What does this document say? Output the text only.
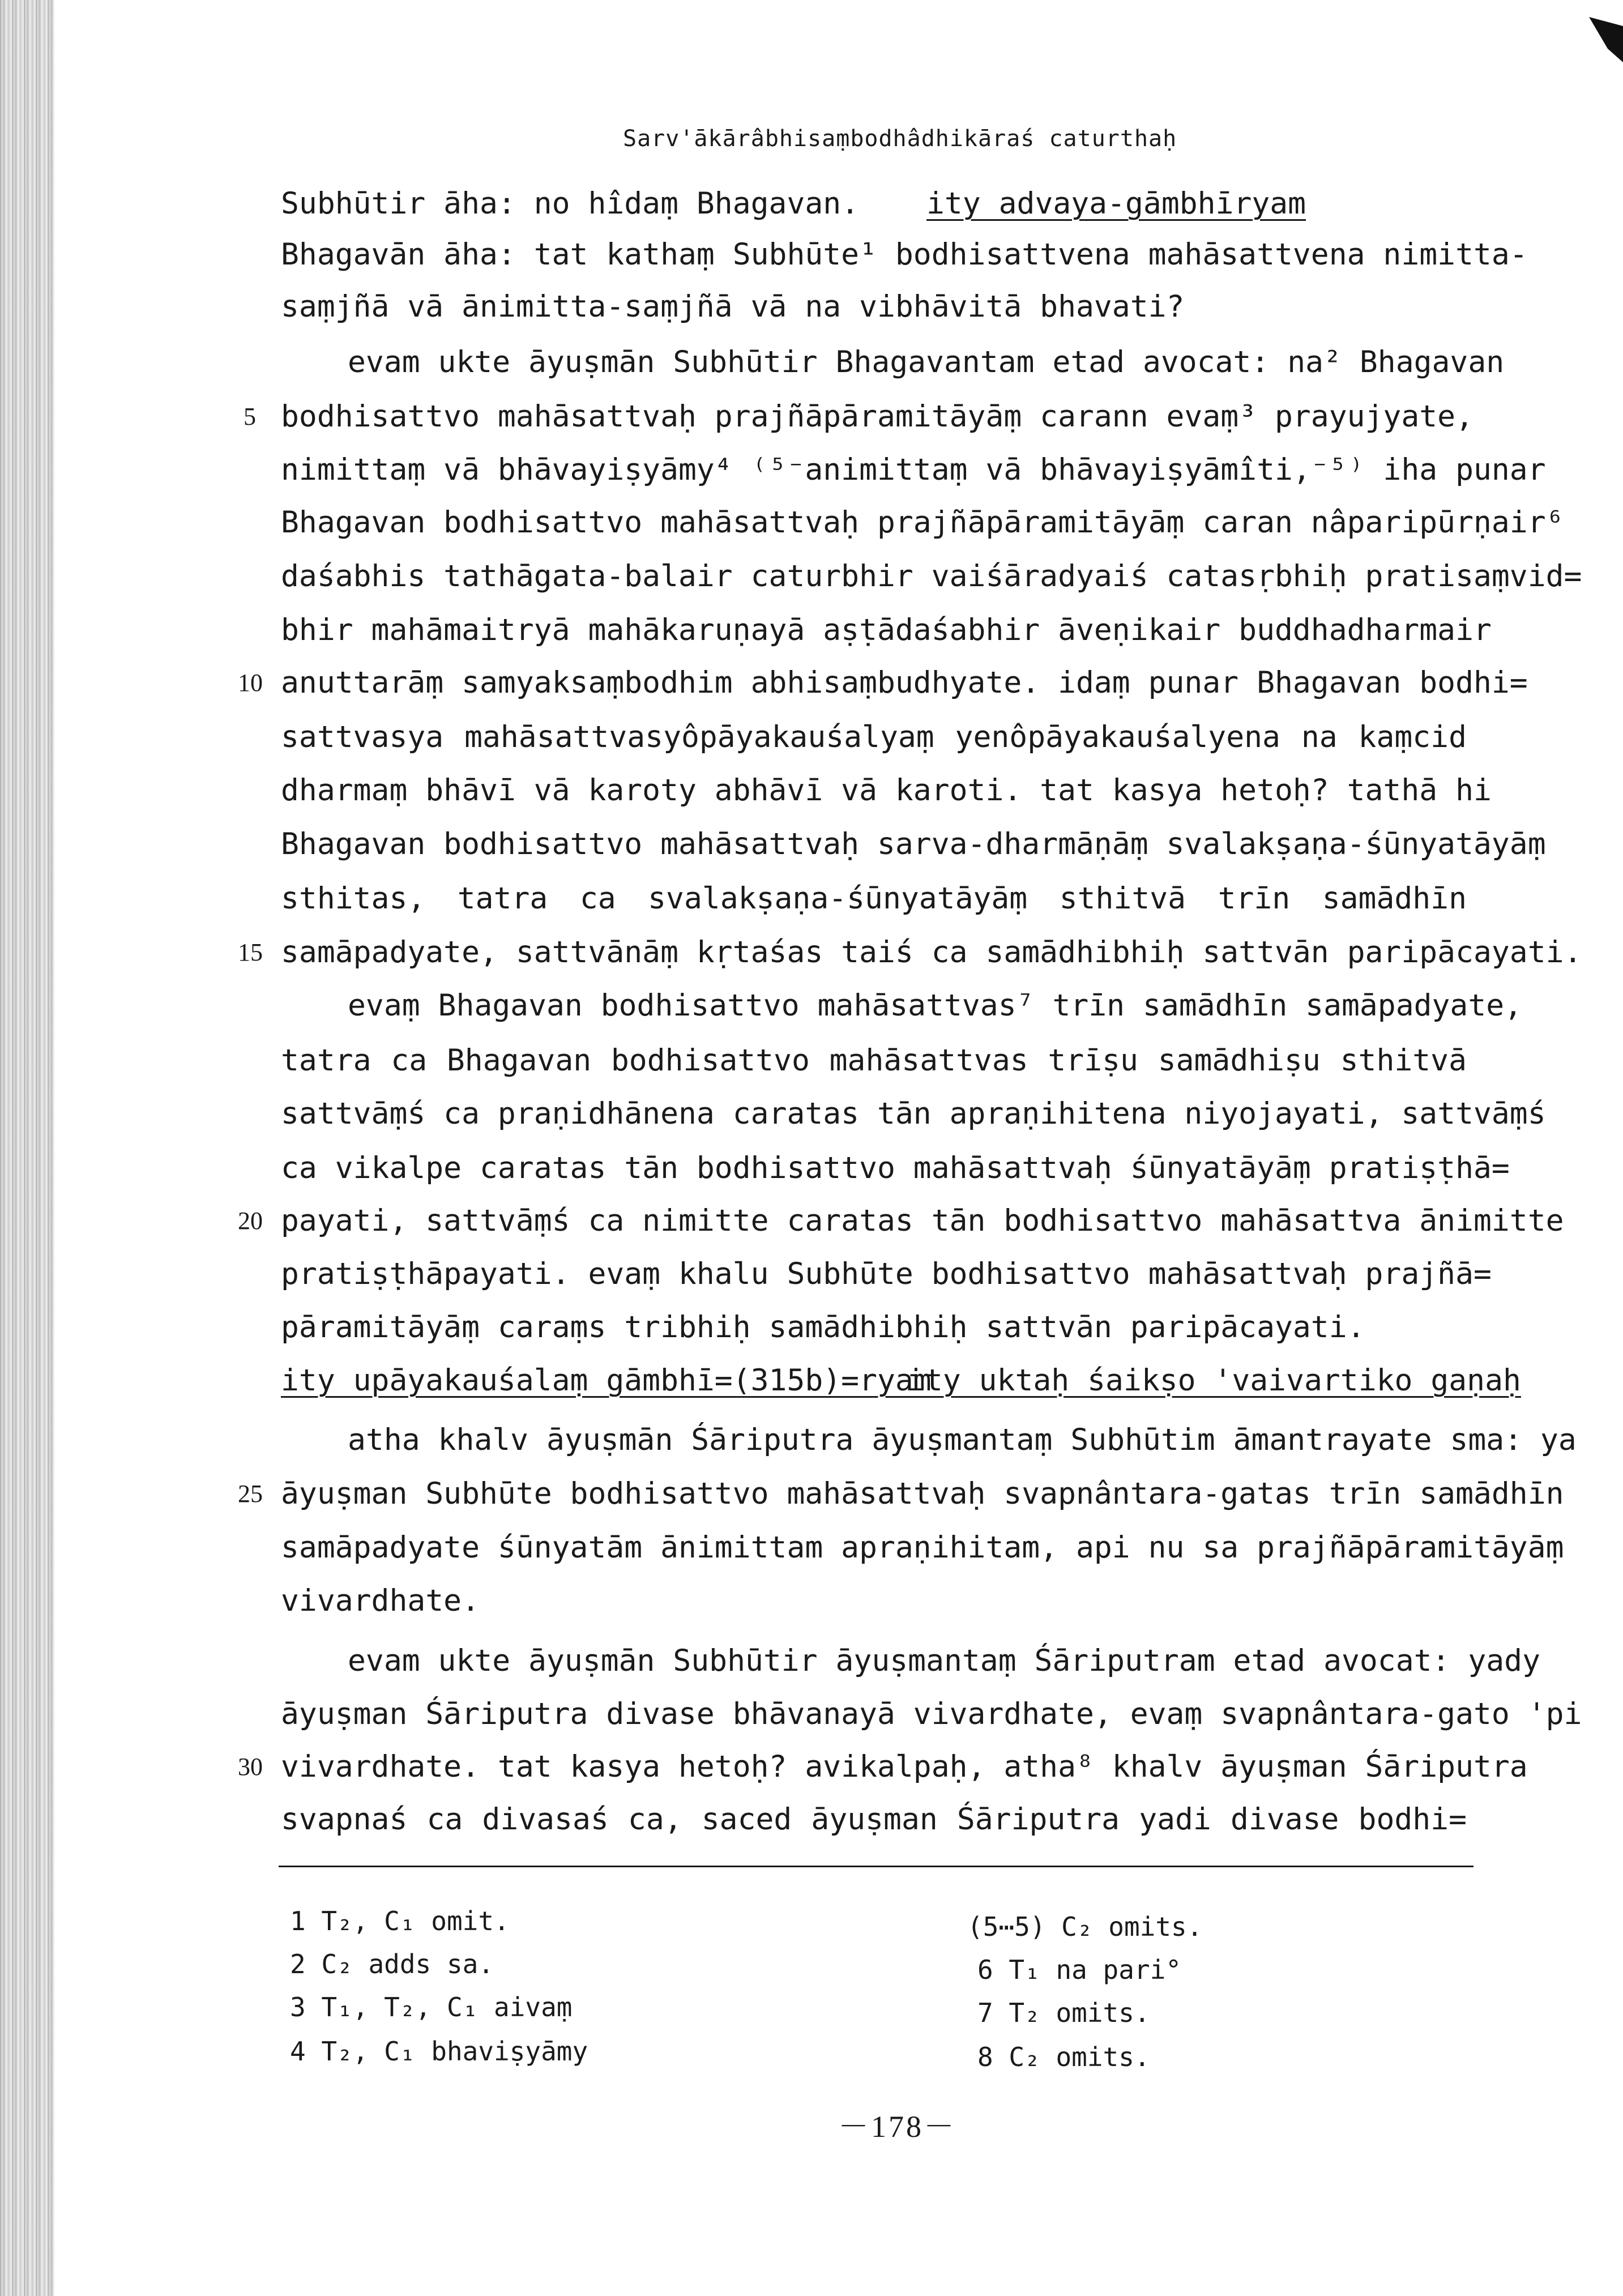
Sarv'ākārâbhisaṃbodhâdhikāraś caturthaḥ
Subhūtir āha: no hîdaṃ Bhagavan. ity advaya-gāmbhīryam
Bhagavān āha: tat kathaṃ Subhūte¹ bodhisattvena mahāsattvena nimitta-
saṃjñā vā ānimitta-saṃjñā vā na vibhāvitā bhavati?
evam ukte āyuṣmān Subhūtir Bhagavantam etad avocat: na² Bhagavan
bodhisattvo mahāsattvaḥ prajñāpāramitāyāṃ carann evaṃ³ prayujyate,
nimittaṃ vā bhāvayiṣyāmy⁴ ⁽⁵⁻animittaṃ vā bhāvayiṣyāmîti,⁻⁵⁾ iha punar
Bhagavan bodhisattvo mahāsattvaḥ prajñāpāramitāyāṃ caran nâparipūrṇair⁶
daśabhis tathāgata-balair caturbhir vaiśāradyaiś catasṛbhiḥ pratisaṃvid=
bhir mahāmaitryā mahākaruṇayā aṣṭādaśabhir āveṇikair buddhadharmair
anuttarāṃ samyaksaṃbodhim abhisaṃbudhyate. idaṃ punar Bhagavan bodhi=
sattvasya mahāsattvasyôpāyakauśalyaṃ yenôpāyakauśalyena na kaṃcid
dharmaṃ bhāvī vā karoty abhāvī vā karoti. tat kasya hetoḥ? tathā hi
Bhagavan bodhisattvo mahāsattvaḥ sarva-dharmāṇāṃ svalakṣaṇa-śūnyatāyāṃ
sthitas, tatra ca svalakṣaṇa-śūnyatāyāṃ sthitvā trīn samādhīn
samāpadyate, sattvānāṃ kṛtaśas taiś ca samādhibhiḥ sattvān paripācayati.
evaṃ Bhagavan bodhisattvo mahāsattvas⁷ trīn samādhīn samāpadyate,
tatra ca Bhagavan bodhisattvo mahāsattvas trīṣu samādhiṣu sthitvā
sattvāṃś ca praṇidhānena caratas tān apraṇihitena niyojayati, sattvāṃś
ca vikalpe caratas tān bodhisattvo mahāsattvaḥ śūnyatāyāṃ pratiṣṭhā=
payati, sattvāṃś ca nimitte caratas tān bodhisattvo mahāsattva ānimitte
pratiṣṭhāpayati. evaṃ khalu Subhūte bodhisattvo mahāsattvaḥ prajñā=
pāramitāyāṃ caraṃs tribhiḥ samādhibhiḥ sattvān paripācayati.
ity upāyakauśalaṃ gāmbhī=(315b)=ryam
ity uktaḥ śaikṣo 'vaivartiko gaṇaḥ
atha khalv āyuṣmān Śāriputra āyuṣmantaṃ Subhūtim āmantrayate sma: ya
āyuṣman Subhūte bodhisattvo mahāsattvaḥ svapnântara-gatas trīn samādhīn
samāpadyate śūnyatām ānimittam apraṇihitam, api nu sa prajñāpāramitāyāṃ
vivardhate.
evam ukte āyuṣmān Subhūtir āyuṣmantaṃ Śāriputram etad avocat: yady
āyuṣman Śāriputra divase bhāvanayā vivardhate, evaṃ svapnântara-gato 'pi
vivardhate. tat kasya hetoḥ? avikalpaḥ, atha⁸ khalv āyuṣman Śāriputra
svapnaś ca divasaś ca, saced āyuṣman Śāriputra yadi divase bodhi=
5
10
15
20
25
30
1 T₂, C₁ omit.
2 C₂ adds sa.
3 T₁, T₂, C₁ aivaṃ
4 T₂, C₁ bhaviṣyāmy
(5⋯5) C₂ omits.
6 T₁ na pari°
7 T₂ omits.
8 C₂ omits.
－178－
